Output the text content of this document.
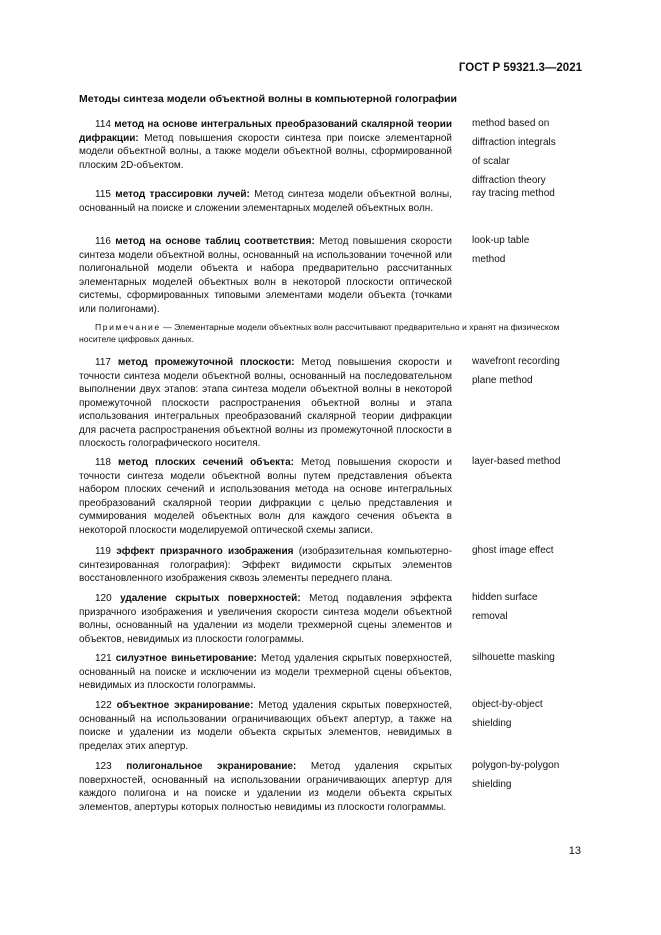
ГОСТ Р 59321.3—2021
Методы синтеза модели объектной волны в компьютерной голографии
114 метод на основе интегральных преобразований скалярной теории дифракции: Метод повышения скорости синтеза при поиске элементарной модели объектной волны, а также модели объектной волны, сформированной плоским 2D-объектом.
method based on
diffraction integrals
of scalar
diffraction theory
115 метод трассировки лучей: Метод синтеза модели объектной волны, основанный на поиске и сложении элементарных моделей объектных волн.
ray tracing method
116 метод на основе таблиц соответствия: Метод повышения скорости синтеза модели объектной волны, основанный на использовании точечной или полигональной модели объекта и набора предварительно рассчитанных элементарных моделей объектных волн в некоторой плоскости оптической системы, сформированных типовыми элементами модели объекта (точками или полигонами).
look-up table
method
Примечание — Элементарные модели объектных волн рассчитывают предварительно и хранят на физическом носителе цифровых данных.
117 метод промежуточной плоскости: Метод повышения скорости и точности синтеза модели объектной волны, основанный на последовательном выполнении двух этапов: этапа синтеза модели объектной волны в некоторой промежуточной плоскости распространения объектной волны и этапа использования интегральных преобразований скалярной теории дифракции для расчета распространения объектной волны из промежуточной плоскости в плоскость голографического носителя.
wavefront recording
plane method
118 метод плоских сечений объекта: Метод повышения скорости и точности синтеза модели объектной волны путем представления объекта набором плоских сечений и использования метода на основе интегральных преобразований скалярной теории дифракции с целью представления и суммирования моделей объектных волн для каждого сечения объекта в некоторой плоскости моделируемой оптической схемы записи.
layer-based method
119 эффект призрачного изображения (изобразительная компьютерно-синтезированная голография): Эффект видимости скрытых элементов восстановленного изображения сквозь элементы переднего плана.
ghost image effect
120 удаление скрытых поверхностей: Метод подавления эффекта призрачного изображения и увеличения скорости синтеза модели объектной волны, основанный на удалении из модели трехмерной сцены элементов и объектов, невидимых из плоскости голограммы.
hidden surface
removal
121 силуэтное виньетирование: Метод удаления скрытых поверхностей, основанный на поиске и исключении из модели трехмерной сцены объектов, невидимых из плоскости голограммы.
silhouette masking
122 объектное экранирование: Метод удаления скрытых поверхностей, основанный на использовании ограничивающих объект апертур, а также на поиске и удалении из модели объекта скрытых элементов, невидимых в пределах этих апертур.
object-by-object
shielding
123 полигональное экранирование: Метод удаления скрытых поверхностей, основанный на использовании ограничивающих апертур для каждого полигона и на поиске и удалении из модели объекта скрытых элементов, апертуры которых полностью невидимы из плоскости голограммы.
polygon-by-polygon
shielding
13
